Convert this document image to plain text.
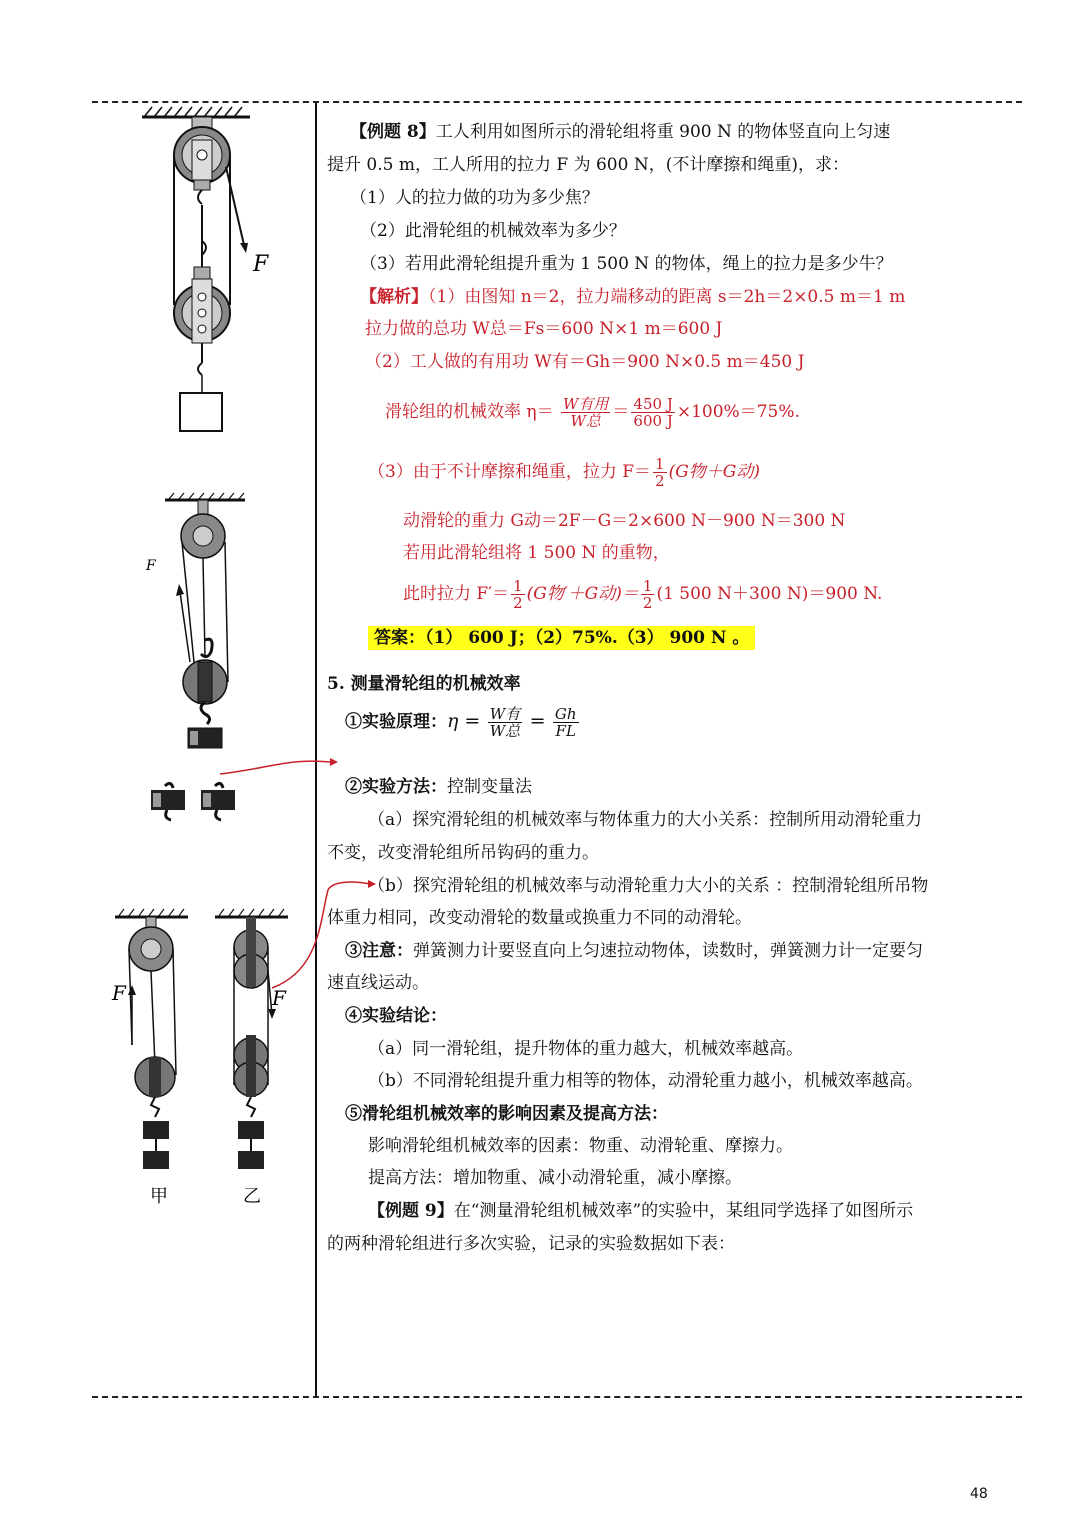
F
F
F
甲
F
乙
【例题 8】工人利用如图所示的滑轮组将重 900 N 的物体竖直向上匀速
提升 0.5 m，工人所用的拉力 F 为 600 N，(不计摩擦和绳重)，求：
（1）人的拉力做的功为多少焦？
（2）此滑轮组的机械效率为多少？
（3）若用此滑轮组提升重为 1 500 N 的物体，绳上的拉力是多少牛？
【解析】（1）由图知 n＝2，拉力端移动的距离 s＝2h＝2×0.5 m＝1 m
拉力做的总功 W总＝Fs＝600 N×1 m＝600 J
（2）工人做的有用功 W有＝Gh＝900 N×0.5 m＝450 J
滑轮组的机械效率 $\eta= \frac{\text{W有用}}{\text{W总}} = \frac{450 J}{600 J} \times 100\%=75\%$.
（3）由于不计摩擦和绳重，拉力 $F= \frac{1}{2} (G$物＋G动)
动滑轮的重力 G动＝2F－G＝2×600 N－900 N＝300 N
若用此滑轮组将 1 500 N 的重物，
此时拉力 $F'= \frac{1}{2} (G$物′＋G动)＝ $\frac{1}{2} (1$ 500 N＋300 N)＝900 N.
答案：（1） 600 J；（2）75%.（3） 900 N 。
5. 测量滑轮组的机械效率
①实验原理：$\eta = \frac{\text{W有}}{\text{W总}} = \frac{Gh}{FL}$
②实验方法：控制变量法
（a）探究滑轮组的机械效率与物体重力的大小关系：控制所用动滑轮重力
不变，改变滑轮组所吊钩码的重力。
（b）探究滑轮组的机械效率与动滑轮重力大小的关系 ：控制滑轮组所吊物
体重力相同，改变动滑轮的数量或换重力不同的动滑轮。
③注意：弹簧测力计要竖直向上匀速拉动物体，读数时，弹簧测力计一定要匀
速直线运动。
④实验结论：
（a）同一滑轮组，提升物体的重力越大，机械效率越高。
（b）不同滑轮组提升重力相等的物体，动滑轮重力越小，机械效率越高。
⑤滑轮组机械效率的影响因素及提高方法：
影响滑轮组机械效率的因素：物重、动滑轮重、摩擦力。
提高方法：增加物重、减小动滑轮重，减小摩擦。
【例题 9】在“测量滑轮组机械效率”的实验中，某组同学选择了如图所示
的两种滑轮组进行多次实验，记录的实验数据如下表：
48
